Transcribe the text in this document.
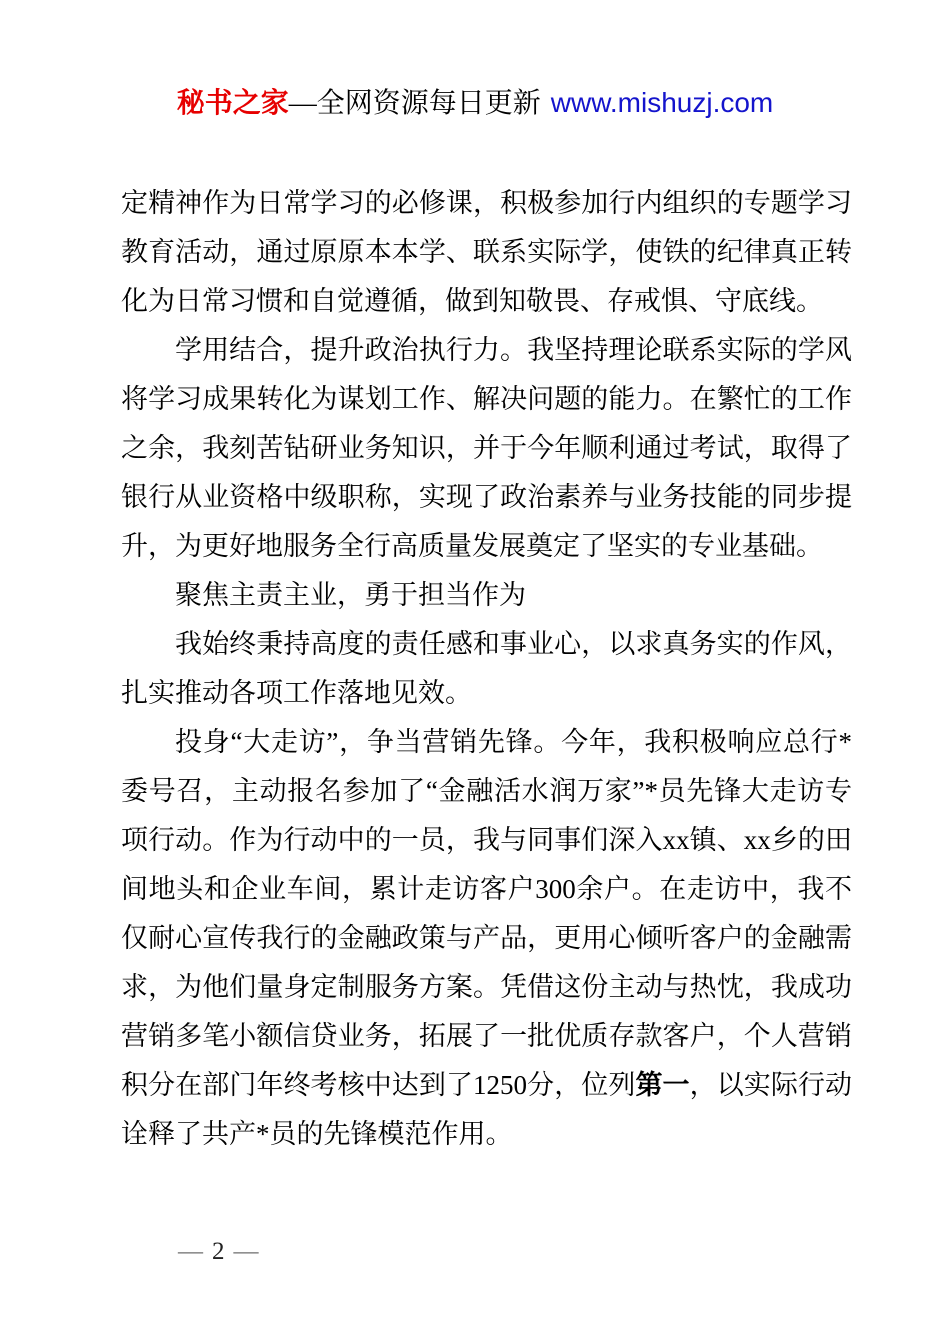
秘书之家—全网资源每日更新 www.mishuzj.com

定精神作为日常学习的必修课，积极参加行内组织的专题学习教育活动，通过原原本本学、联系实际学，使铁的纪律真正转化为日常习惯和自觉遵循，做到知敬畏、存戒惧、守底线。

学用结合，提升政治执行力。我坚持理论联系实际的学风将学习成果转化为谋划工作、解决问题的能力。在繁忙的工作之余，我刻苦钻研业务知识，并于今年顺利通过考试，取得了银行从业资格中级职称，实现了政治素养与业务技能的同步提升，为更好地服务全行高质量发展奠定了坚实的专业基础。

聚焦主责主业，勇于担当作为

我始终秉持高度的责任感和事业心，以求真务实的作风，扎实推动各项工作落地见效。

投身“大走访”，争当营销先锋。今年，我积极响应总行*委号召，主动报名参加了“金融活水润万家”*员先锋大走访专项行动。作为行动中的一员，我与同事们深入xx镇、xx乡的田间地头和企业车间，累计走访客户300余户。在走访中，我不仅耐心宣传我行的金融政策与产品，更用心倾听客户的金融需求，为他们量身定制服务方案。凭借这份主动与热忱，我成功营销多笔小额信贷业务，拓展了一批优质存款客户，个人营销积分在部门年终考核中达到了1250分，位列第一，以实际行动诠释了共产*员的先锋模范作用。

— 2 —
